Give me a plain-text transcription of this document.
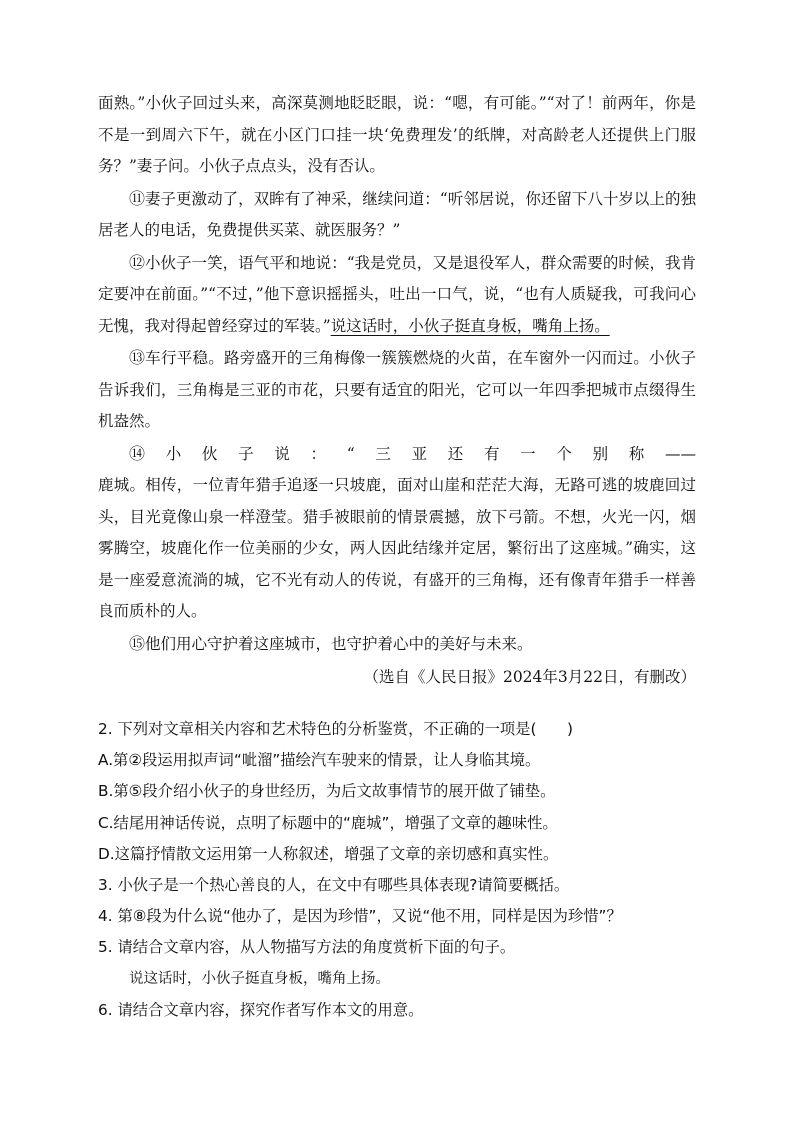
面熟。”小伙子回过头来，高深莫测地眨眨眼，说：“嗯，有可能。”“对了！前两年，你是不是一到周六下午，就在小区门口挂一块‘免费理发’的纸牌，对高龄老人还提供上门服务？”妻子问。小伙子点点头，没有否认。

⑪妻子更激动了，双眸有了神采，继续问道：“听邻居说，你还留下八十岁以上的独居老人的电话，免费提供买菜、就医服务？”

⑫小伙子一笑，语气平和地说：“我是党员，又是退役军人，群众需要的时候，我肯定要冲在前面。”“不过，”他下意识摇摇头，吐出一口气，说，“也有人质疑我，可我问心无愧，我对得起曾经穿过的军装。”说这话时，小伙子挺直身板，嘴角上扬。

⑬车行平稳。路旁盛开的三角梅像一簇簇燃烧的火苗，在车窗外一闪而过。小伙子告诉我们，三角梅是三亚的市花，只要有适宜的阳光，它可以一年四季把城市点缀得生机盎然。

⑭小伙子说：“三亚还有一个别称——

鹿城。相传，一位青年猎手追逐一只坡鹿，面对山崖和茫茫大海，无路可逃的坡鹿回过头，目光竟像山泉一样澄莹。猎手被眼前的情景震撼，放下弓箭。不想，火光一闪，烟雾腾空，坡鹿化作一位美丽的少女，两人因此结缘并定居，繁衍出了这座城。”确实，这是一座爱意流淌的城，它不光有动人的传说，有盛开的三角梅，还有像青年猎手一样善良而质朴的人。

⑮他们用心守护着这座城市，也守护着心中的美好与未来。

（选自《人民日报》2024年3月22日，有删改）

2. 下列对文章相关内容和艺术特色的分析鉴赏，不正确的一项是(　　)

A.第②段运用拟声词“呲溜”描绘汽车驶来的情景，让人身临其境。

B.第⑤段介绍小伙子的身世经历，为后文故事情节的展开做了铺垫。

C.结尾用神话传说，点明了标题中的“鹿城”，增强了文章的趣味性。

D.这篇抒情散文运用第一人称叙述，增强了文章的亲切感和真实性。

3. 小伙子是一个热心善良的人，在文中有哪些具体表现?请简要概括。

4. 第⑧段为什么说“他办了，是因为珍惜”，又说“他不用，同样是因为珍惜”？

5. 请结合文章内容，从人物描写方法的角度赏析下面的句子。

说这话时，小伙子挺直身板，嘴角上扬。

6. 请结合文章内容，探究作者写作本文的用意。
